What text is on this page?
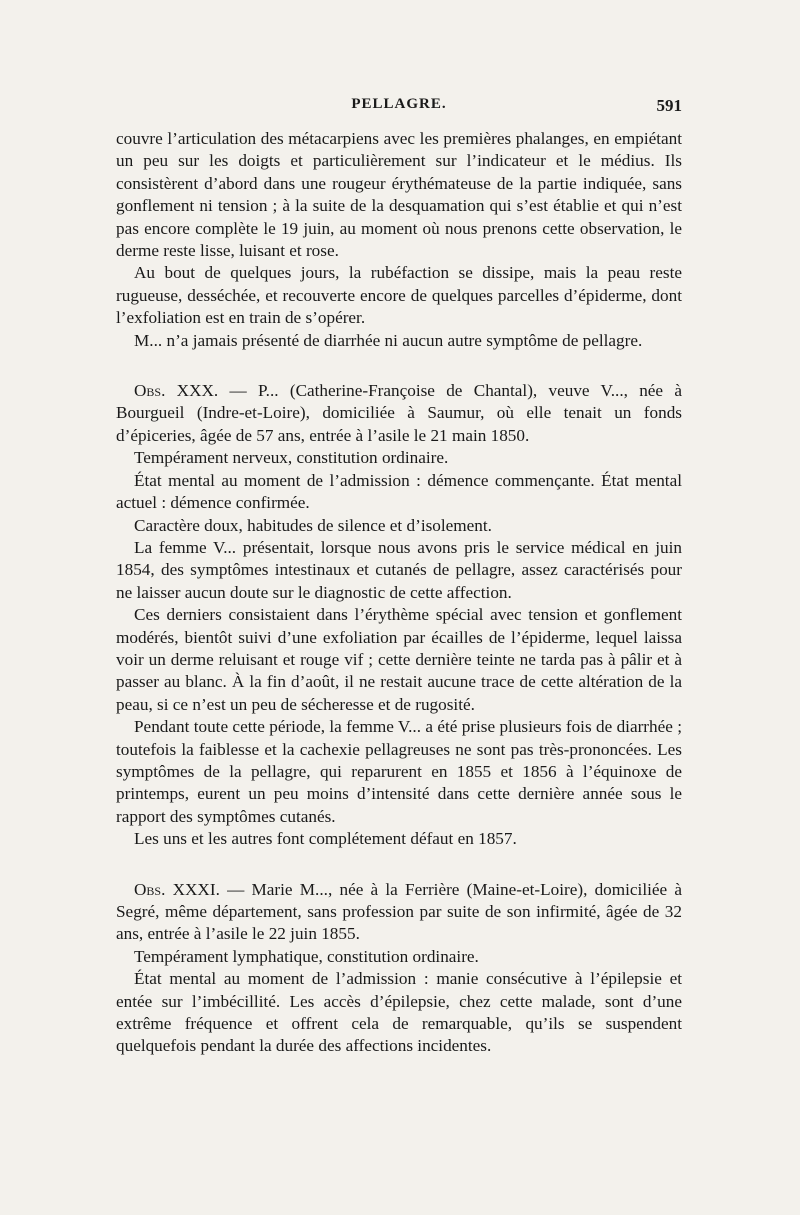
PELLAGRE.	591

couvre l’articulation des métacarpiens avec les premières phalanges, en empiétant un peu sur les doigts et particulièrement sur l’indicateur et le médius. Ils consistèrent d’abord dans une rougeur érythémateuse de la partie indiquée, sans gonflement ni tension ; à la suite de la desquamation qui s’est établie et qui n’est pas encore complète le 19 juin, au moment où nous prenons cette observation, le derme reste lisse, luisant et rose.

Au bout de quelques jours, la rubéfaction se dissipe, mais la peau reste rugueuse, desséchée, et recouverte encore de quelques parcelles d’épiderme, dont l’exfoliation est en train de s’opérer.

M... n’a jamais présenté de diarrhée ni aucun autre symptôme de pellagre.

Obs. XXX. — P... (Catherine-Françoise de Chantal), veuve V..., née à Bourgueil (Indre-et-Loire), domiciliée à Saumur, où elle tenait un fonds d’épiceries, âgée de 57 ans, entrée à l’asile le 21 main 1850.

Tempérament nerveux, constitution ordinaire.

État mental au moment de l’admission : démence commençante. État mental actuel : démence confirmée.

Caractère doux, habitudes de silence et d’isolement.

La femme V... présentait, lorsque nous avons pris le service médical en juin 1854, des symptômes intestinaux et cutanés de pellagre, assez caractérisés pour ne laisser aucun doute sur le diagnostic de cette affection.

Ces derniers consistaient dans l’érythème spécial avec tension et gonflement modérés, bientôt suivi d’une exfoliation par écailles de l’épiderme, lequel laissa voir un derme reluisant et rouge vif ; cette dernière teinte ne tarda pas à pâlir et à passer au blanc. À la fin d’août, il ne restait aucune trace de cette altération de la peau, si ce n’est un peu de sécheresse et de rugosité.

Pendant toute cette période, la femme V... a été prise plusieurs fois de diarrhée ; toutefois la faiblesse et la cachexie pellagreuses ne sont pas très-prononcées. Les symptômes de la pellagre, qui reparurent en 1855 et 1856 à l’équinoxe de printemps, eurent un peu moins d’intensité dans cette dernière année sous le rapport des symptômes cutanés.

Les uns et les autres font complétement défaut en 1857.

Obs. XXXI. — Marie M..., née à la Ferrière (Maine-et-Loire), domiciliée à Segré, même département, sans profession par suite de son infirmité, âgée de 32 ans, entrée à l’asile le 22 juin 1855.

Tempérament lymphatique, constitution ordinaire.

État mental au moment de l’admission : manie consécutive à l’épilepsie et entée sur l’imbécillité. Les accès d’épilepsie, chez cette malade, sont d’une extrême fréquence et offrent cela de remarquable, qu’ils se suspendent quelquefois pendant la durée des affections incidentes.
